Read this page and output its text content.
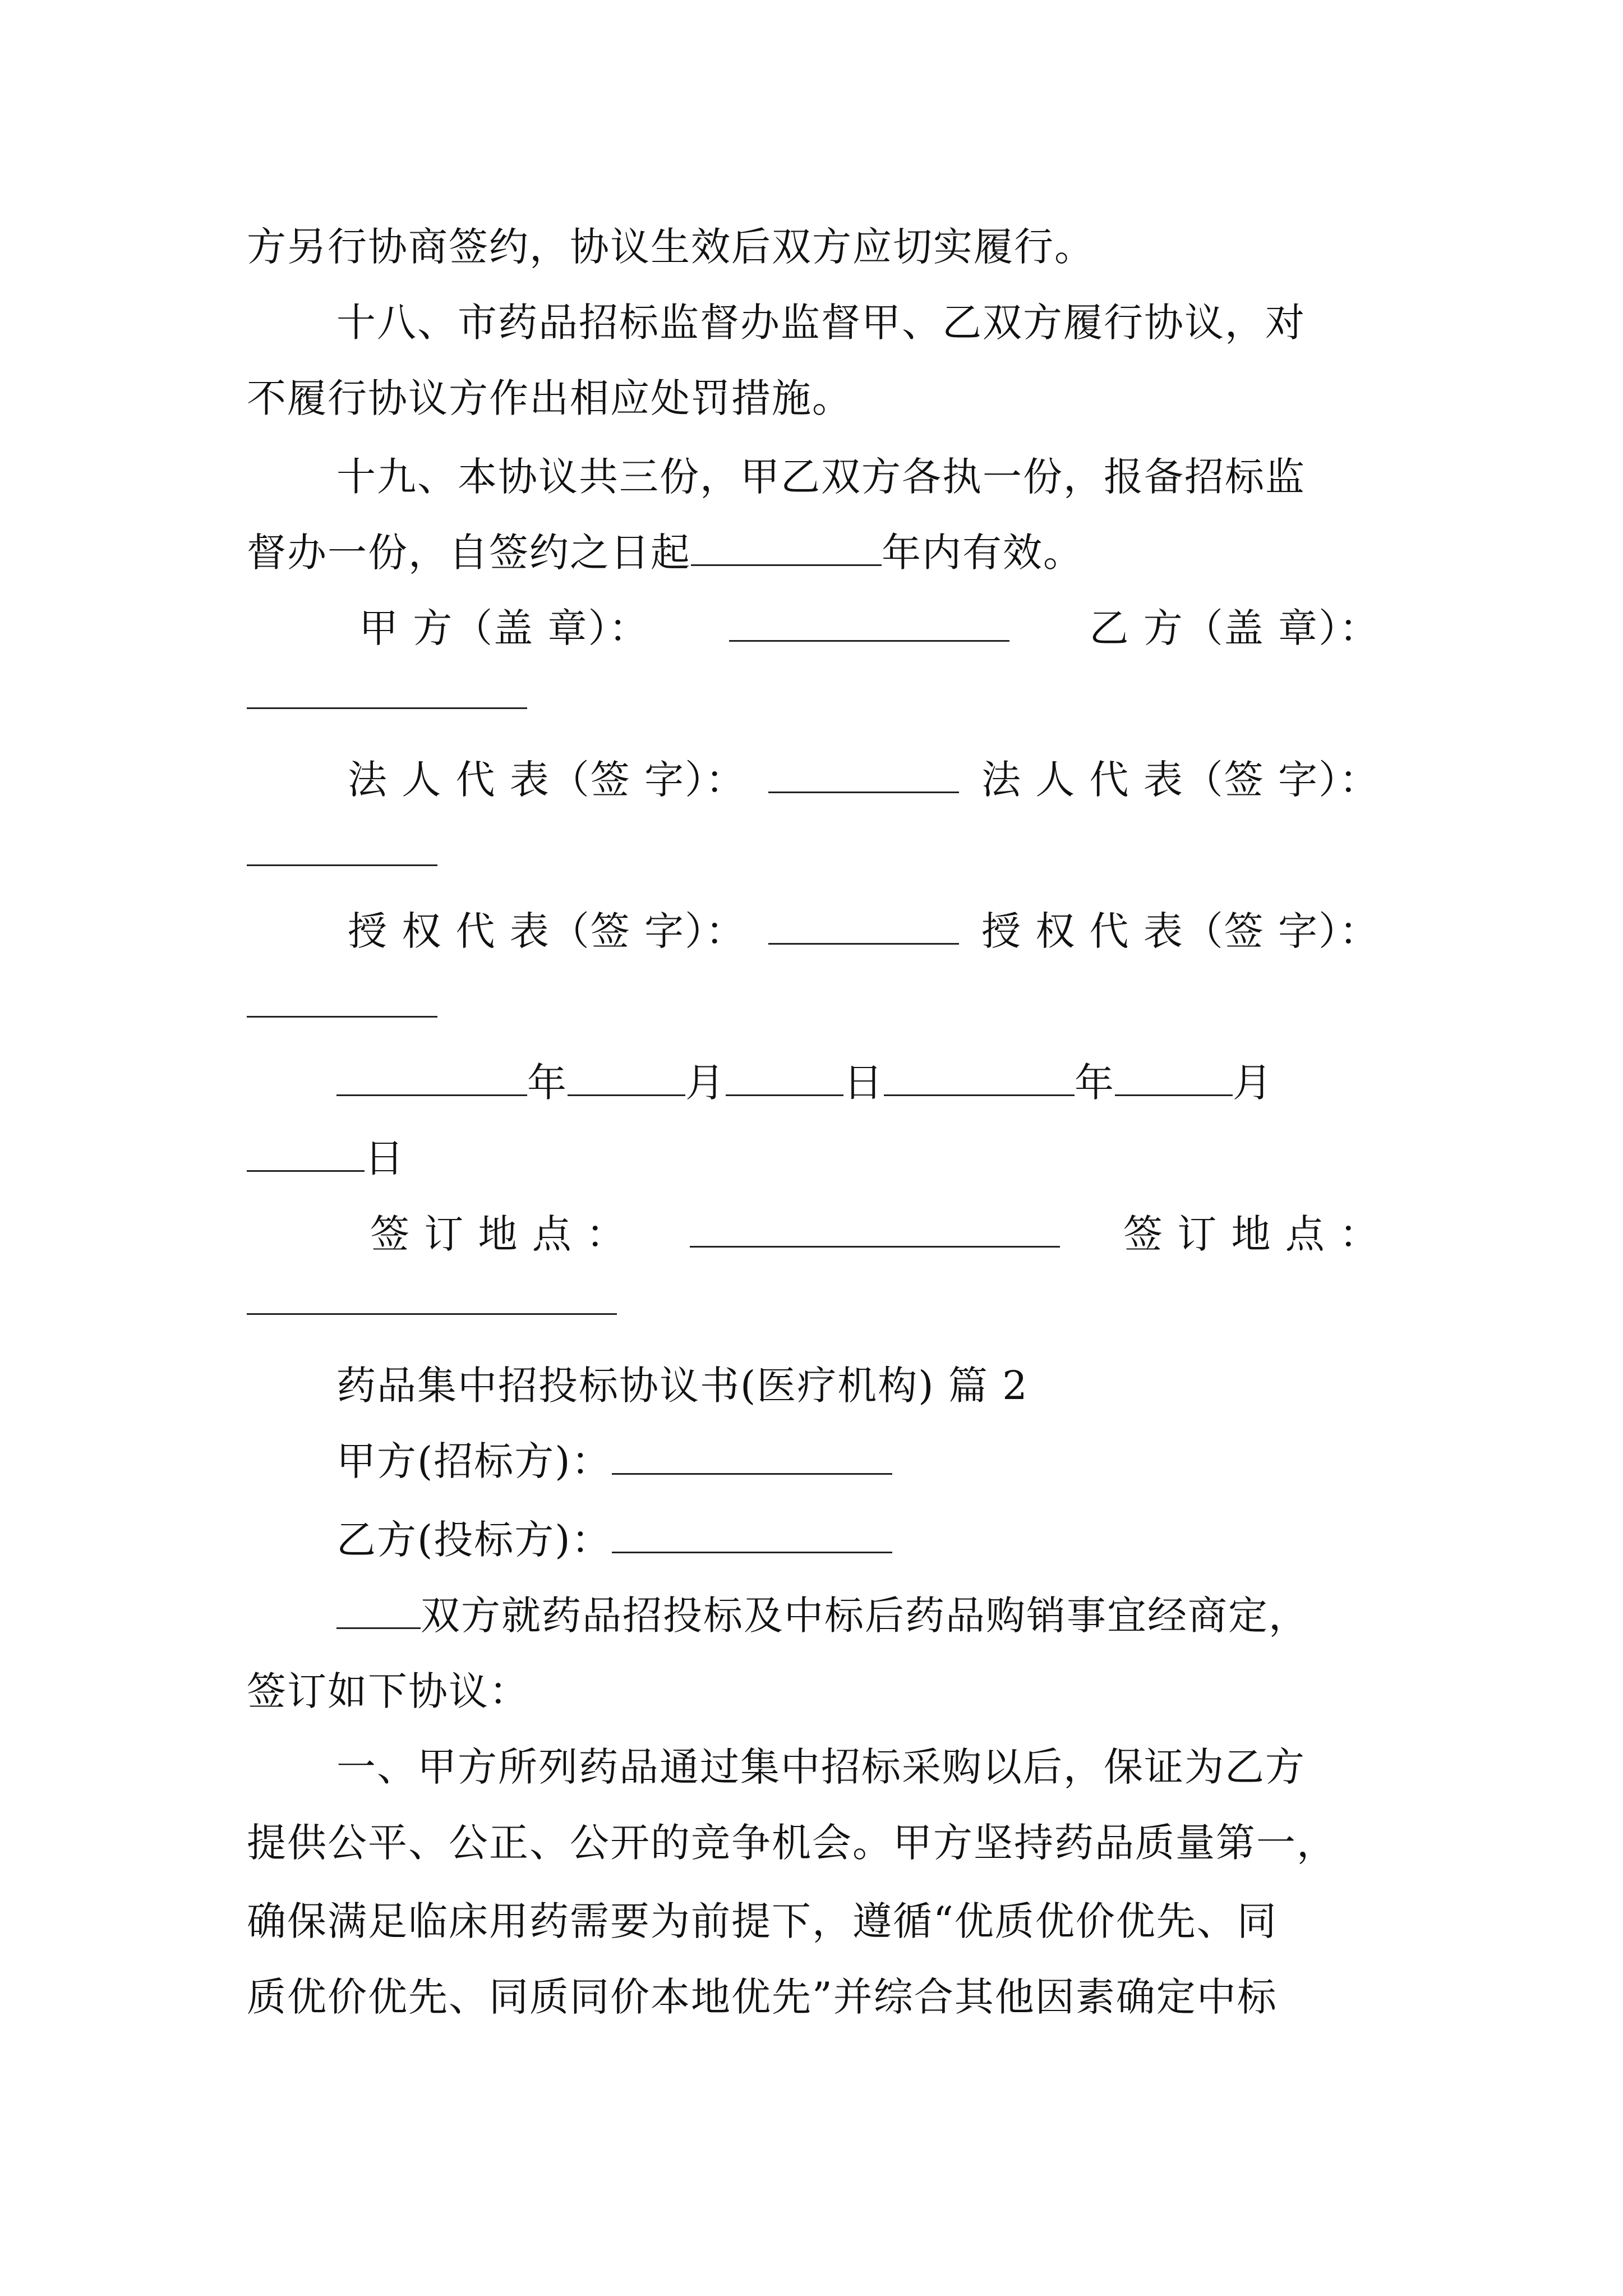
方另行协商签约，协议生效后双方应切实履行。
十八、市药品招标监督办监督甲、乙双方履行协议，对
不履行协议方作出相应处罚措施。
十九、本协议共三份，甲乙双方各执一份，报备招标监
督办一份，自签约之日起	年内有效。
甲 方（盖 章）：	乙 方（盖 章）：
法 人 代 表（签 字）：	法 人 代 表（签 字）：
授 权 代 表（签 字）：	授 权 代 表（签 字）：
年	月	日	年	月
日
签 订 地 点 ：	签 订 地 点 ：
药品集中招投标协议书(医疗机构) 篇 2
甲方(招标方)：
乙方(投标方)：
双方就药品招投标及中标后药品购销事宜经商定，
签订如下协议：
一、甲方所列药品通过集中招标采购以后，保证为乙方
提供公平、公正、公开的竞争机会。甲方坚持药品质量第一，
确保满足临床用药需要为前提下，遵循“优质优价优先、同
质优价优先、同质同价本地优先”并综合其他因素确定中标
